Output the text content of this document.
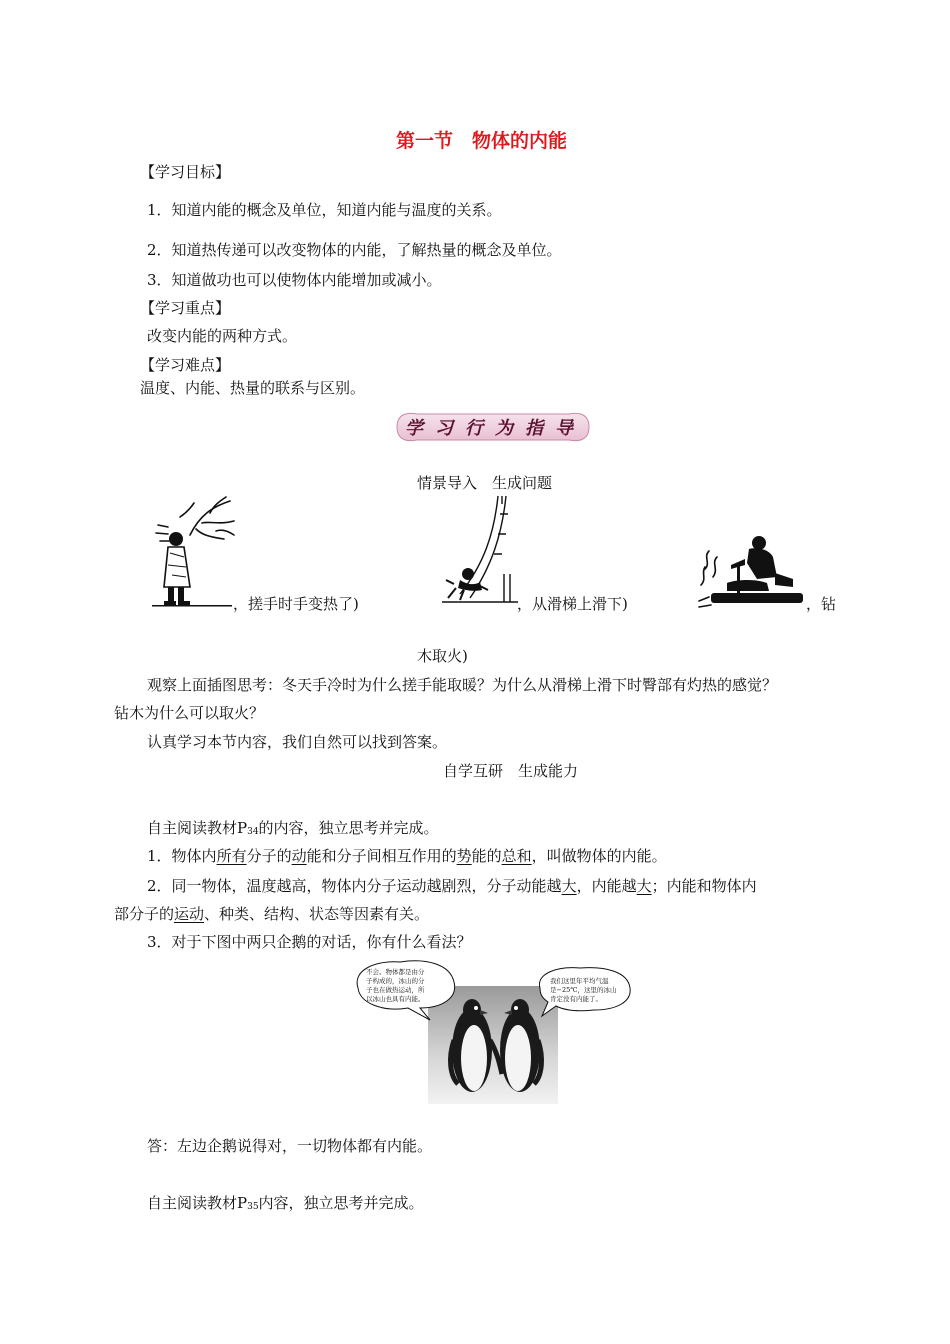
第一节　物体的内能
【学习目标】
1．知道内能的概念及单位，知道内能与温度的关系。
2．知道热传递可以改变物体的内能，了解热量的概念及单位。
3．知道做功也可以使物体内能增加或减小。
【学习重点】
改变内能的两种方式。
【学习难点】
温度、内能、热量的联系与区别。
学 习 行 为 指 导
情景导入　生成问题
，搓手时手变热了)	，从滑梯上滑下)	，钻
木取火)
观察上面插图思考：冬天手冷时为什么搓手能取暖？为什么从滑梯上滑下时臀部有灼热的感觉？
钻木为什么可以取火？
认真学习本节内容，我们自然可以找到答案。
自学互研　生成能力
自主阅读教材P34的内容，独立思考并完成。
1．物体内所有分子的动能和分子间相互作用的势能的总和，叫做物体的内能。
2．同一物体，温度越高，物体内分子运动越剧烈，分子动能越大，内能越大；内能和物体内
部分子的运动、种类、结构、状态等因素有关。
3．对于下图中两只企鹅的对话，你有什么看法？
不会。物体都是由分
子构成的，冰山的分
子也在做热运动，所
以冰山也具有内能。
我们这里年平均气温
是−25℃，这里的冰山
肯定没有内能了。
答：左边企鹅说得对，一切物体都有内能。
自主阅读教材P35内容，独立思考并完成。
